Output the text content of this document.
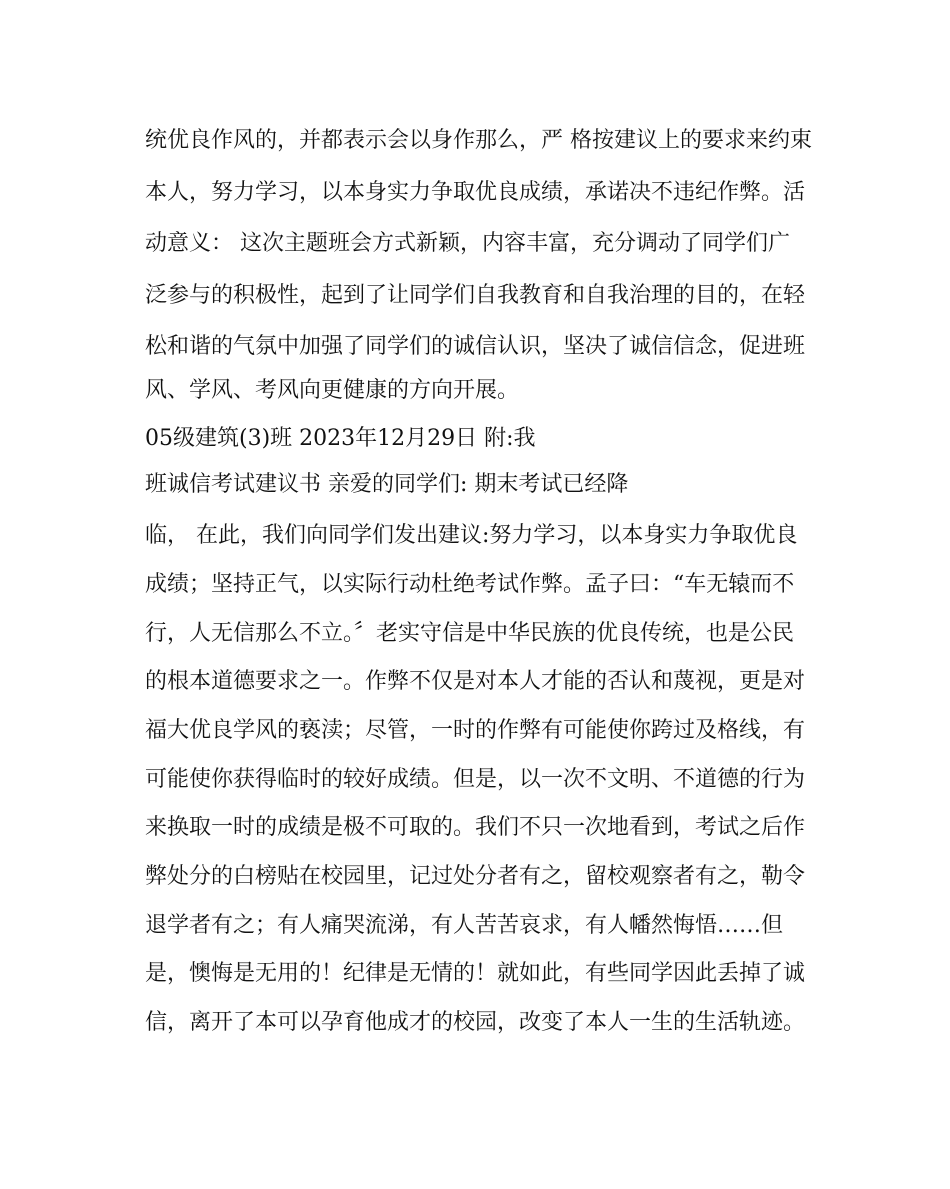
统优良作风的，并都表示会以身作那么，严 格按建议上的要求来约束
本人，努力学习，以本身实力争取优良成绩，承诺决不违纪作弊。活
动意义： 这次主题班会方式新颖，内容丰富，充分调动了同学们广
泛参与的积极性，起到了让同学们自我教育和自我治理的目的，在轻
松和谐的气氛中加强了同学们的诚信认识，坚决了诚信信念，促进班
风、学风、考风向更健康的方向开展。
05级建筑(3)班 2023年12月29日 附:我
班诚信考试建议书 亲爱的同学们: 期末考试已经降
临， 在此，我们向同学们发出建议:努力学习，以本身实力争取优良
成绩；坚持正气，以实际行动杜绝考试作弊。孟子曰：“车无辕而不
行，人无信那么不立。〞老实守信是中华民族的优良传统，也是公民
的根本道德要求之一。作弊不仅是对本人才能的否认和蔑视，更是对
福大优良学风的亵渎；尽管，一时的作弊有可能使你跨过及格线，有
可能使你获得临时的较好成绩。但是，以一次不文明、不道德的行为
来换取一时的成绩是极不可取的。我们不只一次地看到，考试之后作
弊处分的白榜贴在校园里，记过处分者有之，留校观察者有之，勒令
退学者有之；有人痛哭流涕，有人苦苦哀求，有人幡然悔悟……但
是，懊悔是无用的！纪律是无情的！就如此，有些同学因此丢掉了诚
信，离开了本可以孕育他成才的校园，改变了本人一生的生活轨迹。
